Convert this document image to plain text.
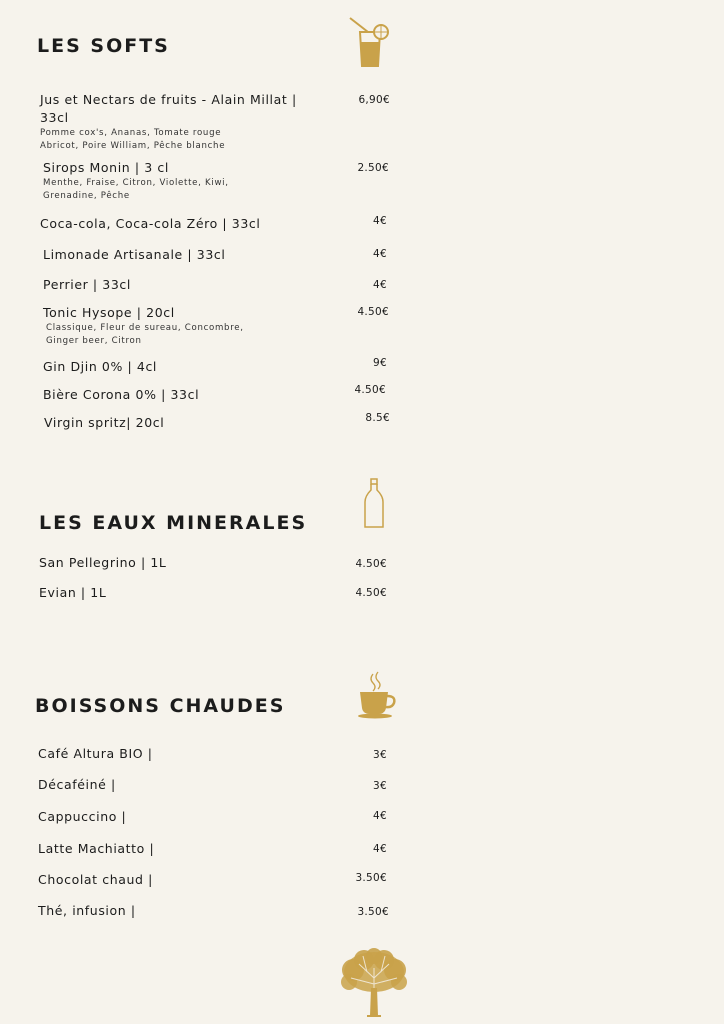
LES SOFTS
Jus et Nectars de fruits - Alain Millat | 33cl
Pomme cox's, Ananas, Tomate rouge Abricot, Poire William, Pêche blanche
6,90€
Sirops Monin | 3 cl
Menthe, Fraise, Citron, Violette, Kiwi, Grenadine, Pêche
2.50€
Coca-cola, Coca-cola Zéro | 33cl	4€
Limonade Artisanale | 33cl	4€
Perrier | 33cl	4€
Tonic Hysope | 20cl
Classique, Fleur de sureau, Concombre, Ginger beer, Citron
4.50€
Gin Djin 0% | 4cl	9€
Bière Corona 0% | 33cl	4.50€
Virgin spritz| 20cl	8.5€
LES EAUX MINERALES
San Pellegrino | 1L	4.50€
Evian | 1L	4.50€
BOISSONS CHAUDES
Café Altura BIO |	3€
Décaféiné |	3€
Cappuccino |	4€
Latte Machiatto |	4€
Chocolat chaud |	3.50€
Thé, infusion |	3.50€
